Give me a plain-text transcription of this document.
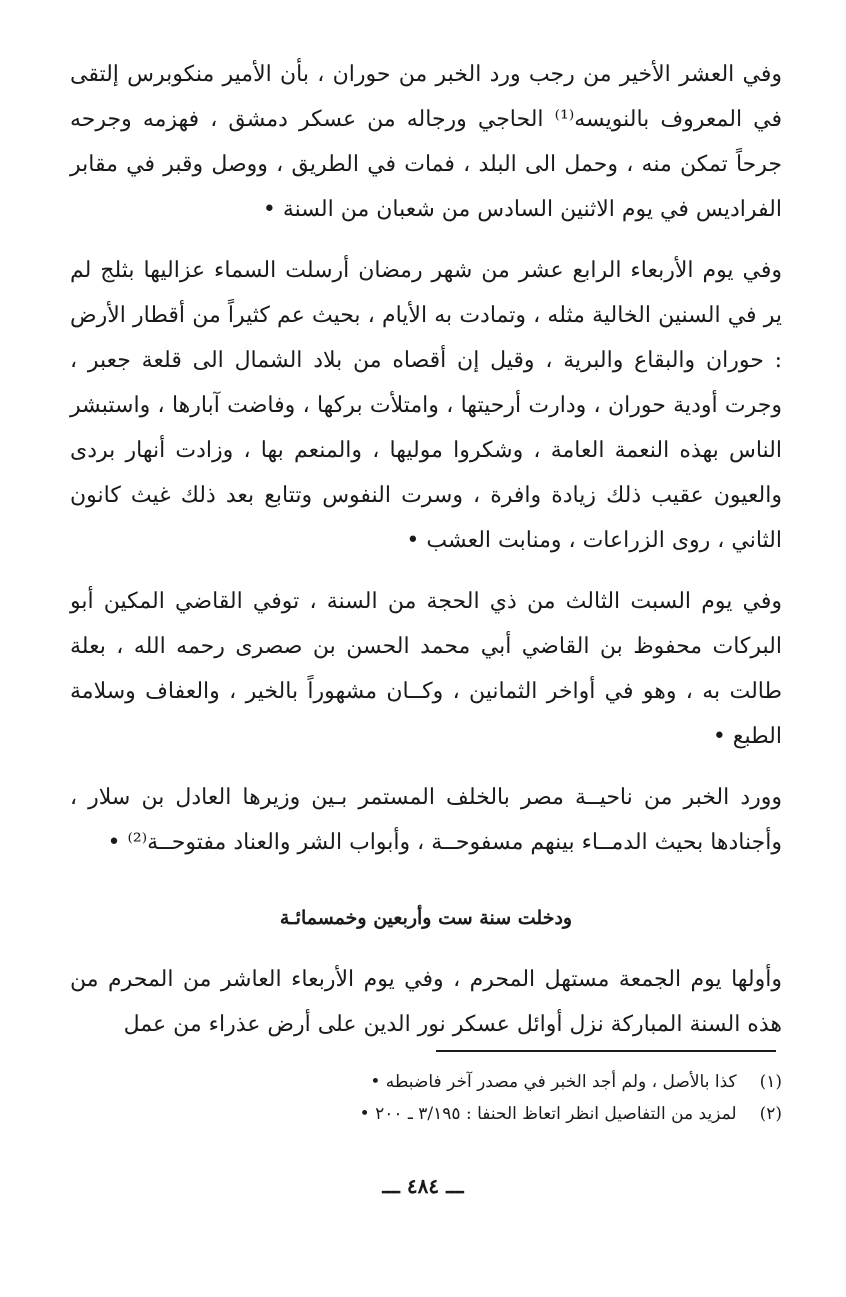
وفي العشر الأخير من رجب ورد الخبر من حوران ، بأن الأمير منكوبرس إلتقى في المعروف بالنويسه⁽¹⁾ الحاجي ورجاله من عسكر دمشق ، فهزمه وجرحه جرحاً تمكن منه ، وحمل الى البلد ، فمات في الطريق ، ووصل وقبر في مقابر الفراديس في يوم الاثنين السادس من شعبان من السنة •

وفي يوم الأربعاء الرابع عشر من شهر رمضان أرسلت السماء عزاليها بثلج لم ير في السنين الخالية مثله ، وتمادت به الأيام ، بحيث عم كثيراً من أقطار الأرض : حوران والبقاع والبرية ، وقيل إن أقصاه من بلاد الشمال الى قلعة جعبر ، وجرت أودية حوران ، ودارت أرحيتها ، وامتلأت بركها ، وفاضت آبارها ، واستبشر الناس بهذه النعمة العامة ، وشكروا موليها ، والمنعم بها ، وزادت أنهار بردى والعيون عقيب ذلك زيادة وافرة ، وسرت النفوس وتتابع بعد ذلك غيث كانون الثاني ، روى الزراعات ، ومنابت العشب •

وفي يوم السبت الثالث من ذي الحجة من السنة ، توفي القاضي المكين أبو البركات محفوظ بن القاضي أبي محمد الحسن بن صصرى رحمه الله ، بعلة طالت به ، وهو في أواخر الثمانين ، وكــان مشهوراً بالخير ، والعفاف وسلامة الطبع •

وورد الخبر من ناحيــة مصر بالخلف المستمر بـين وزيرها العادل بن سلار ، وأجنادها بحيث الدمــاء بينهم مسفوحــة ، وأبواب الشر والعناد مفتوحــة⁽²⁾ •

ودخلت سنة ست وأربعين وخمسمائـة

وأولها يوم الجمعة مستهل المحرم ، وفي يوم الأربعاء العاشر من المحرم من هذه السنة المباركة نزل أوائل عسكر نور الدين على أرض عذراء من عمل

(١) كذا بالأصل ، ولم أجد الخبر في مصدر آخر فاضبطه •
(٢) لمزيد من التفاصيل انظر اتعاظ الحنفا : ٣/١٩٥ ـ ٢٠٠ •
ـــ ٤٨٤ ـــ
